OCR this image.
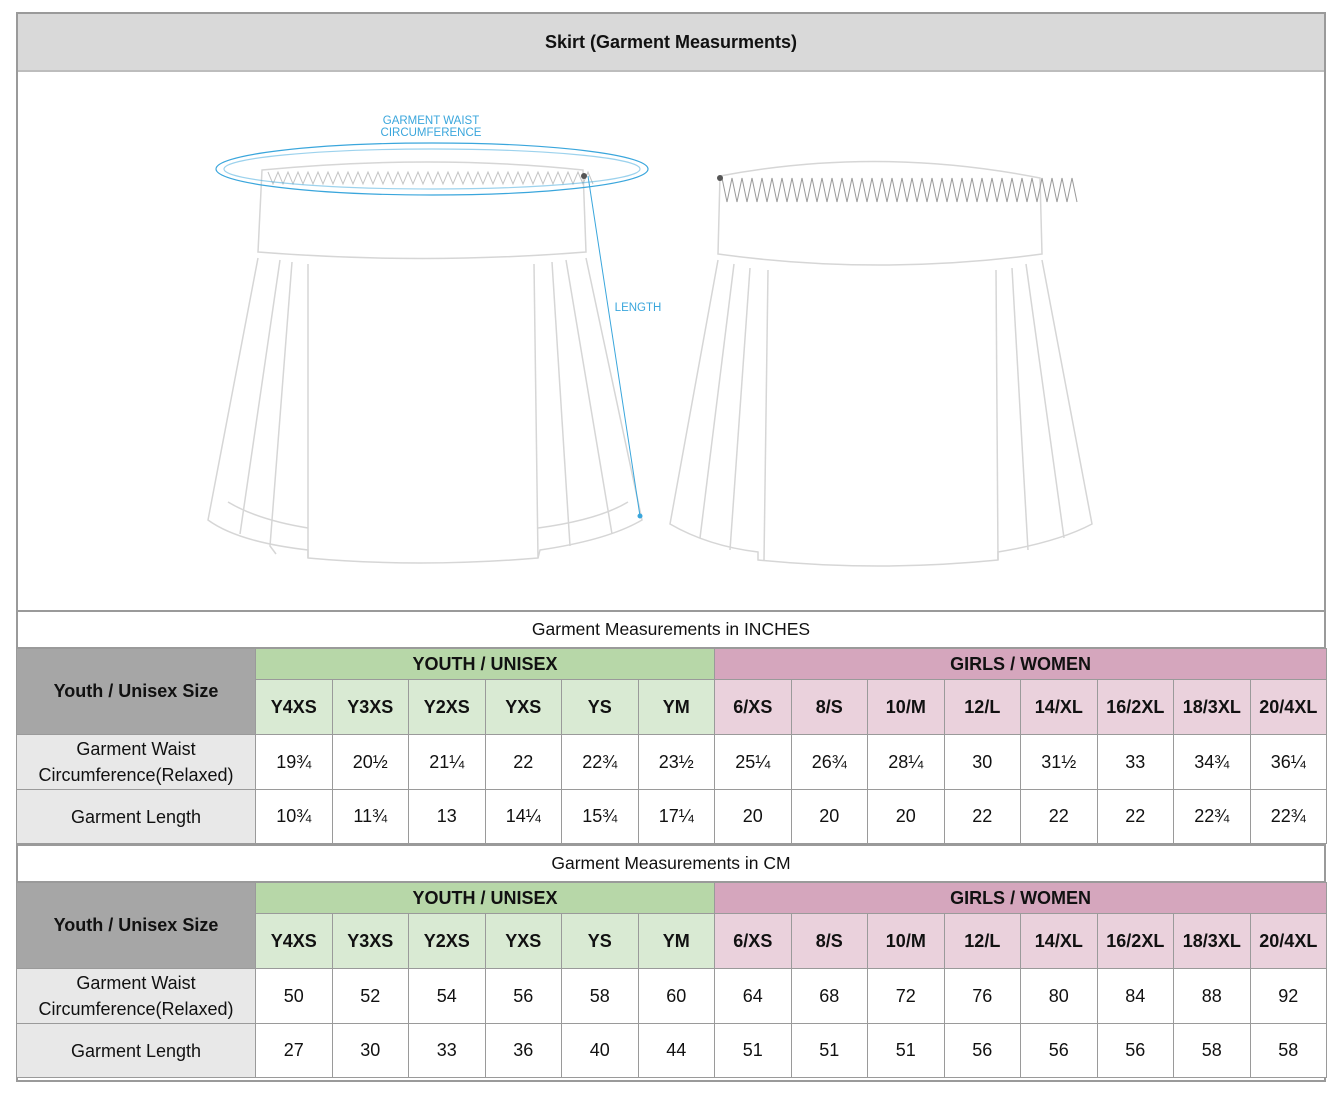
Skirt (Garment Measurments)
GARMENT WAIST
CIRCUMFERENCE
LENGTH
Garment Measurements in INCHES
Youth / Unisex Size	YOUTH / UNISEX						GIRLS / WOMEN							
	Y4XS	Y3XS	Y2XS	YXS	YS	YM	6/XS	8/S	10/M	12/L	14/XL	16/2XL	18/3XL	20/4XL
Garment Waist
Circumference(Relaxed)	19¾	20½	21¼	22	22¾	23½	25¼	26¾	28¼	30	31½	33	34¾	36¼
Garment Length	10¾	11¾	13	14¼	15¾	17¼	20	20	20	22	22	22	22¾	22¾
Garment Measurements in CM
Youth / Unisex Size	YOUTH / UNISEX						GIRLS / WOMEN							
	Y4XS	Y3XS	Y2XS	YXS	YS	YM	6/XS	8/S	10/M	12/L	14/XL	16/2XL	18/3XL	20/4XL
Garment Waist
Circumference(Relaxed)	50	52	54	56	58	60	64	68	72	76	80	84	88	92
Garment Length	27	30	33	36	40	44	51	51	51	56	56	56	58	58
